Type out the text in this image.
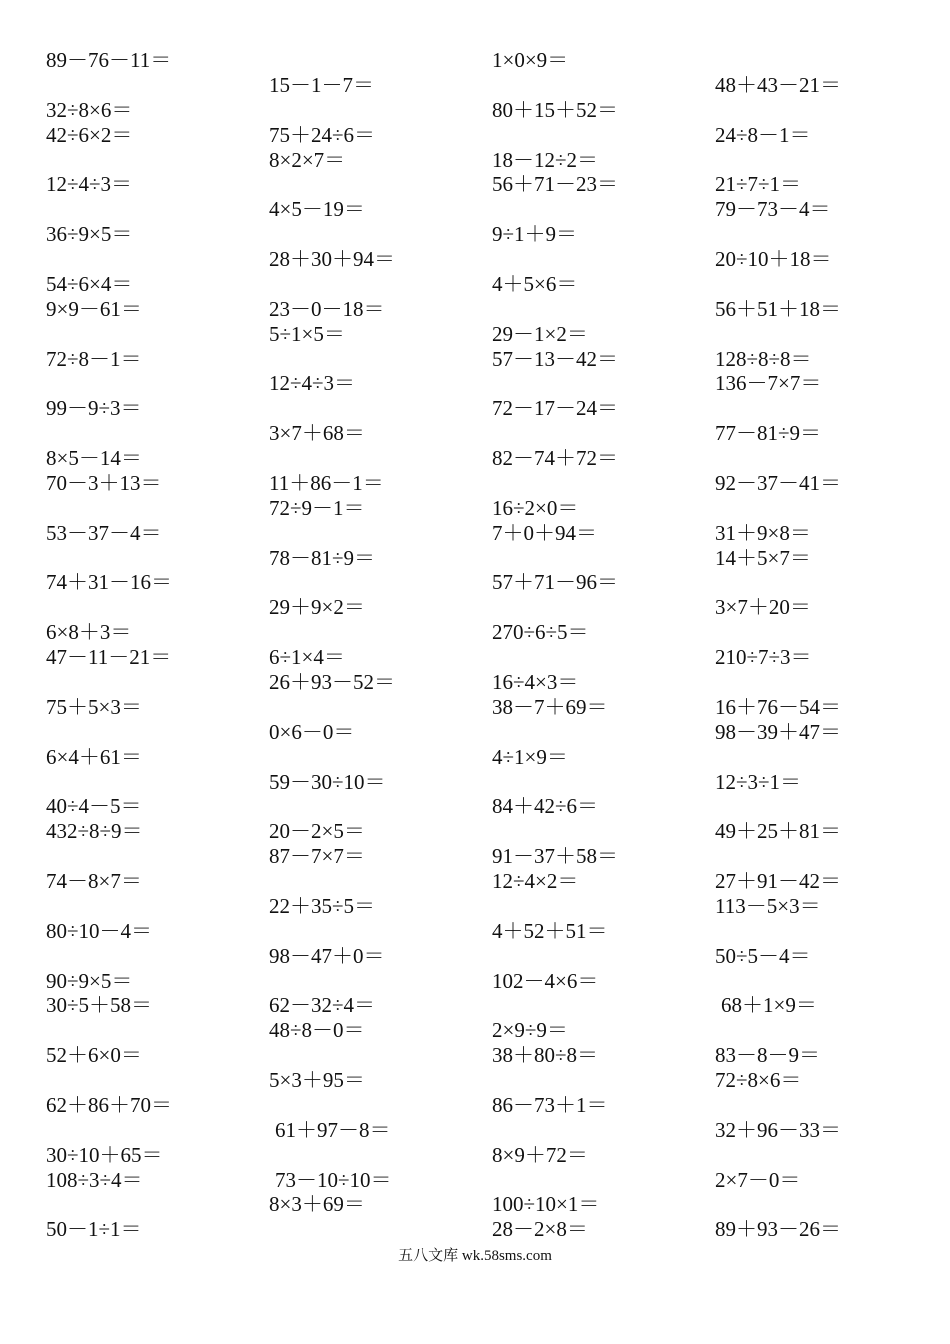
89－76－11＝
32÷8×6＝
42÷6×2＝
12÷4÷3＝
36÷9×5＝
54÷6×4＝
9×9－61＝
72÷8－1＝
99－9÷3＝
8×5－14＝
70－3＋13＝
53－37－4＝
74＋31－16＝
6×8＋3＝
47－11－21＝
75＋5×3＝
6×4＋61＝
40÷4－5＝
432÷8÷9＝
74－8×7＝
80÷10－4＝
90÷9×5＝
30÷5＋58＝
52＋6×0＝
62＋86＋70＝
30÷10＋65＝
108÷3÷4＝
50－1÷1＝
15－1－7＝
75＋24÷6＝
8×2×7＝
4×5－19＝
28＋30＋94＝
23－0－18＝
5÷1×5＝
12÷4÷3＝
3×7＋68＝
11＋86－1＝
72÷9－1＝
78－81÷9＝
29＋9×2＝
6÷1×4＝
26＋93－52＝
0×6－0＝
59－30÷10＝
20－2×5＝
87－7×7＝
22＋35÷5＝
98－47＋0＝
62－32÷4＝
48÷8－0＝
5×3＋95＝
61＋97－8＝
73－10÷10＝
8×3＋69＝
1×0×9＝
80＋15＋52＝
18－12÷2＝
56＋71－23＝
9÷1＋9＝
4＋5×6＝
29－1×2＝
57－13－42＝
72－17－24＝
82－74＋72＝
16÷2×0＝
7＋0＋94＝
57＋71－96＝
270÷6÷5＝
16÷4×3＝
38－7＋69＝
4÷1×9＝
84＋42÷6＝
91－37＋58＝
12÷4×2＝
4＋52＋51＝
102－4×6＝
2×9÷9＝
38＋80÷8＝
86－73＋1＝
8×9＋72＝
100÷10×1＝
28－2×8＝
48＋43－21＝
24÷8－1＝
21÷7÷1＝
79－73－4＝
20÷10＋18＝
56＋51＋18＝
128÷8÷8＝
136－7×7＝
77－81÷9＝
92－37－41＝
31＋9×8＝
14＋5×7＝
3×7＋20＝
210÷7÷3＝
16＋76－54＝
98－39＋47＝
12÷3÷1＝
49＋25＋81＝
27＋91－42＝
113－5×3＝
50÷5－4＝
68＋1×9＝
83－8－9＝
72÷8×6＝
32＋96－33＝
2×7－0＝
89＋93－26＝
五八文库 wk.58sms.com
